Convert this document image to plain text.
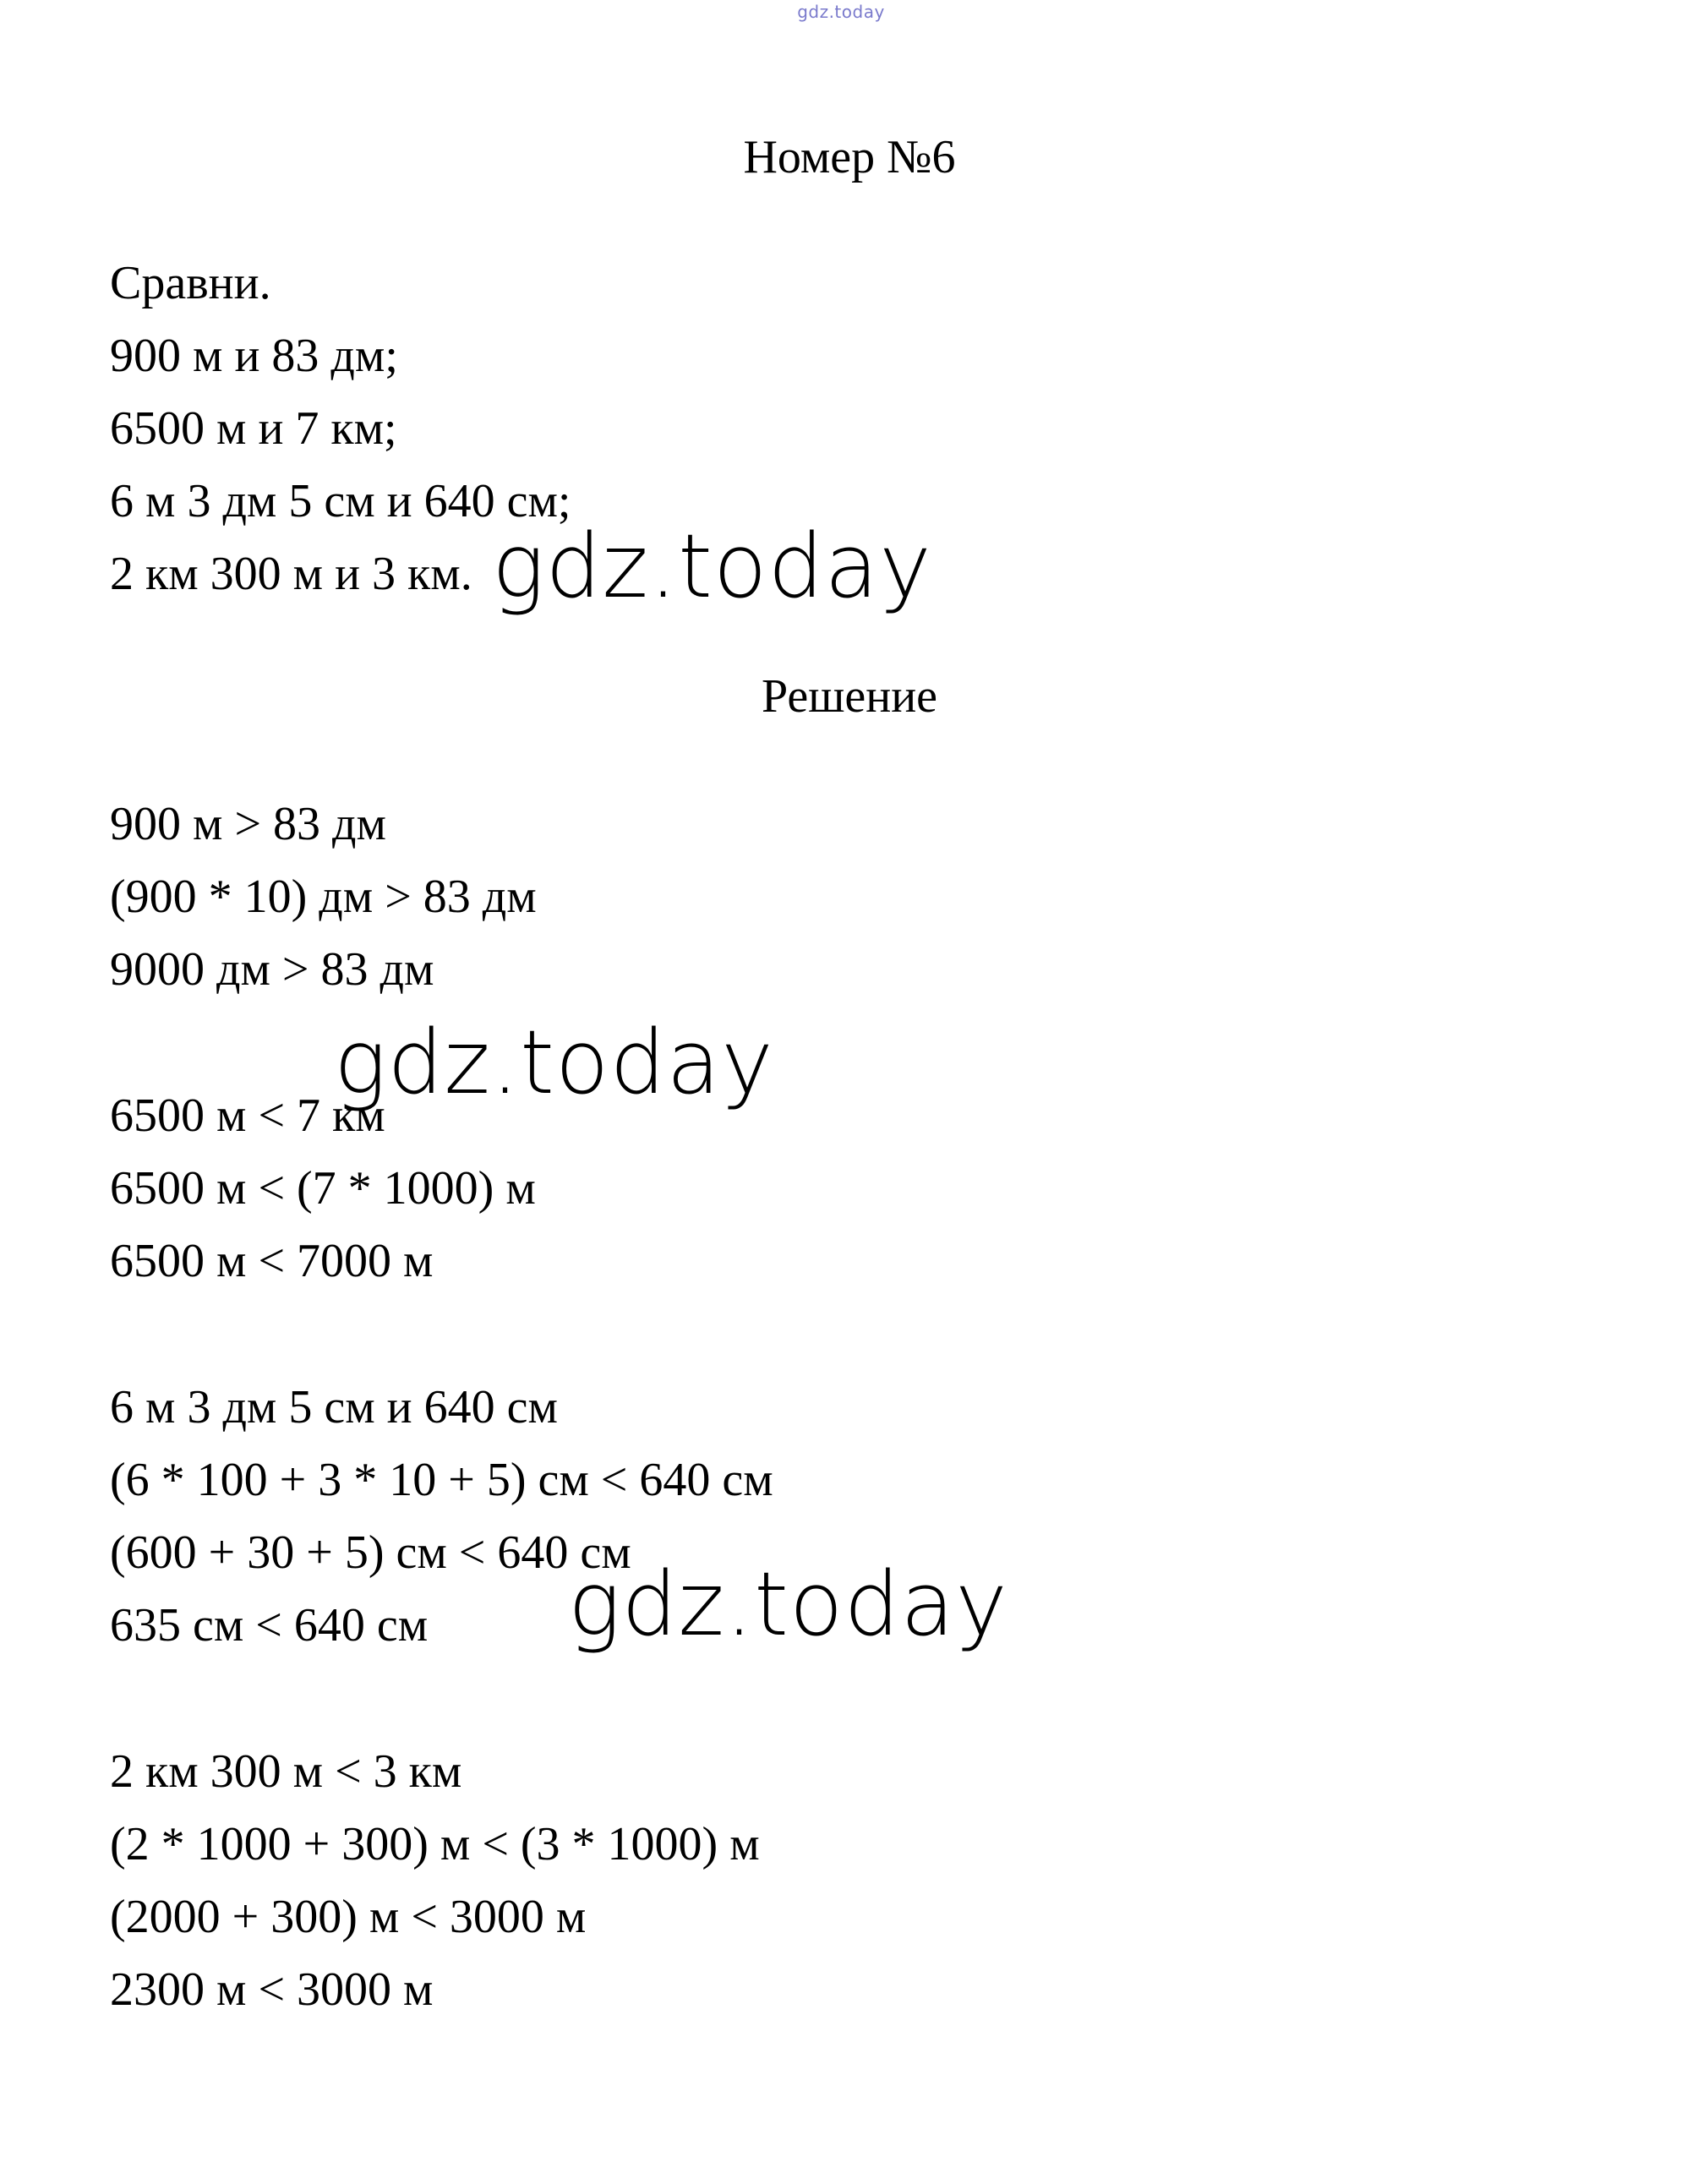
gdz.today
Номер №6
Сравни.
900 м и 83 дм;
6500 м и 7 км;
6 м 3 дм 5 см и 640 см;
2 км 300 м и 3 км. gdz.today
Решение
900 м > 83 дм
(900 * 10) дм > 83 дм
9000 дм > 83 дм
gdz.today
6500 м < 7 км
6500 м < (7 * 1000) м
6500 м < 7000 м
6 м 3 дм 5 см и 640 см
(6 * 100 + 3 * 10 + 5) см < 640 см
(600 + 30 + 5) см < 640 см
635 см < 640 см gdz.today
2 км 300 м < 3 км
(2 * 1000 + 300) м < (3 * 1000) м
(2000 + 300) м < 3000 м
2300 м < 3000 м
